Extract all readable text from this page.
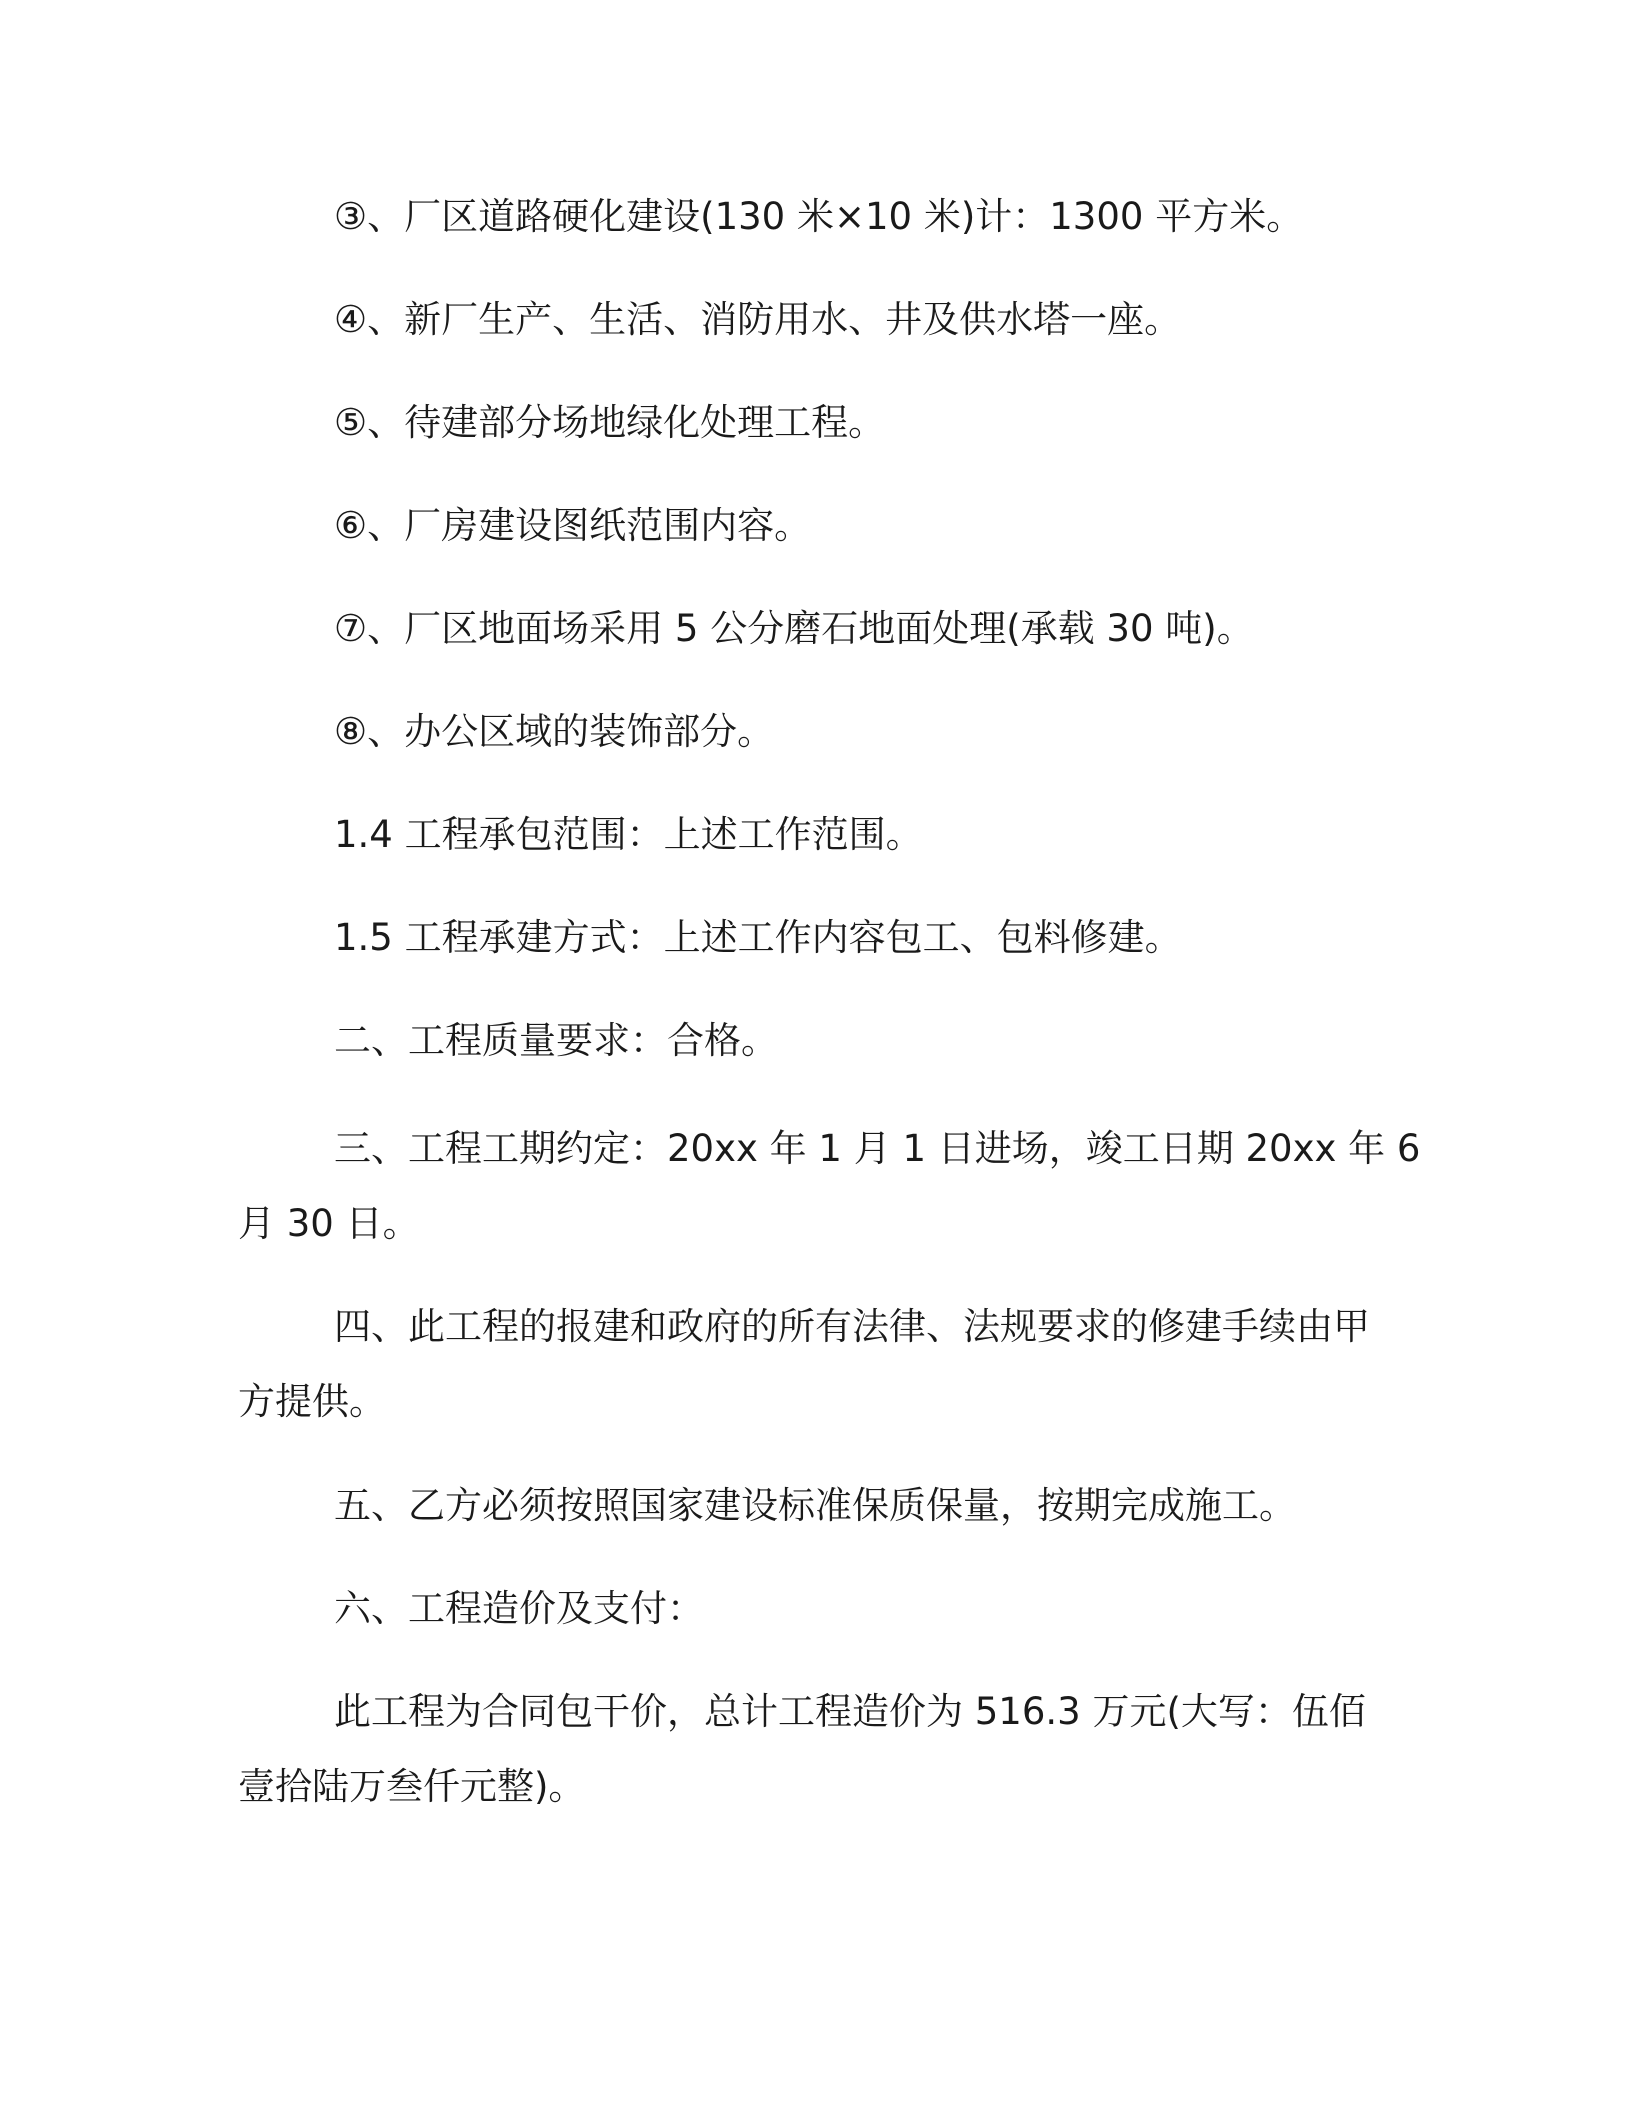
③、厂区道路硬化建设(130 米×10 米)计：1300 平方米。
④、新厂生产、生活、消防用水、井及供水塔一座。
⑤、待建部分场地绿化处理工程。
⑥、厂房建设图纸范围内容。
⑦、厂区地面场采用 5 公分磨石地面处理(承载 30 吨)。
⑧、办公区域的装饰部分。
1.4 工程承包范围：上述工作范围。
1.5 工程承建方式：上述工作内容包工、包料修建。
二、工程质量要求：合格。
三、工程工期约定：20xx 年 1 月 1 日进场，竣工日期 20xx 年 6
月 30 日。
四、此工程的报建和政府的所有法律、法规要求的修建手续由甲
方提供。
五、乙方必须按照国家建设标准保质保量，按期完成施工。
六、工程造价及支付：
此工程为合同包干价，总计工程造价为 516.3 万元(大写：伍佰
壹拾陆万叁仟元整)。
